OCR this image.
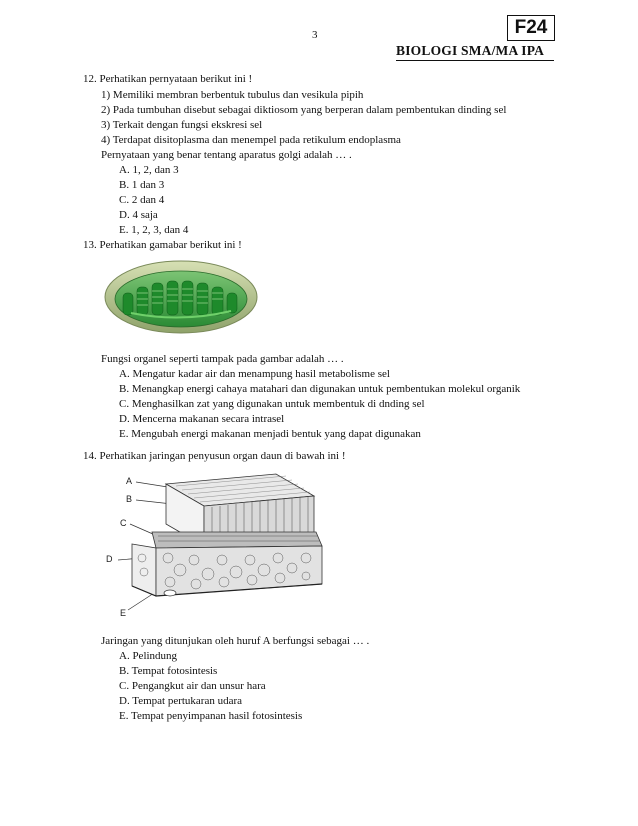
3	F24
BIOLOGI SMA/MA IPA
12. Perhatikan pernyataan berikut ini !
1) Memiliki membran berbentuk tubulus dan vesikula pipih
2) Pada tumbuhan disebut sebagai diktiosom yang berperan dalam pembentukan dinding sel
3) Terkait dengan fungsi ekskresi sel
4) Terdapat disitoplasma dan menempel pada retikulum endoplasma
Pernyataan yang benar tentang aparatus golgi adalah … .
A. 1, 2, dan 3
B. 1 dan 3
C. 2 dan 4
D. 4 saja
E. 1, 2, 3, dan 4
13. Perhatikan gamabar berikut ini !
Fungsi organel seperti tampak pada gambar adalah … .
A. Mengatur kadar air dan menampung hasil metabolisme sel
B. Menangkap energi cahaya matahari dan digunakan untuk pembentukan molekul organik
C. Menghasilkan zat yang digunakan untuk membentuk di dnding sel
D. Mencerna makanan secara intrasel
E. Mengubah energi makanan menjadi bentuk yang dapat digunakan
14. Perhatikan jaringan penyusun organ daun di bawah ini !
A
B
C
D
E
Jaringan yang ditunjukan oleh huruf A berfungsi sebagai … .
A. Pelindung
B. Tempat fotosintesis
C. Pengangkut air dan unsur hara
D. Tempat pertukaran udara
E. Tempat penyimpanan hasil fotosintesis
